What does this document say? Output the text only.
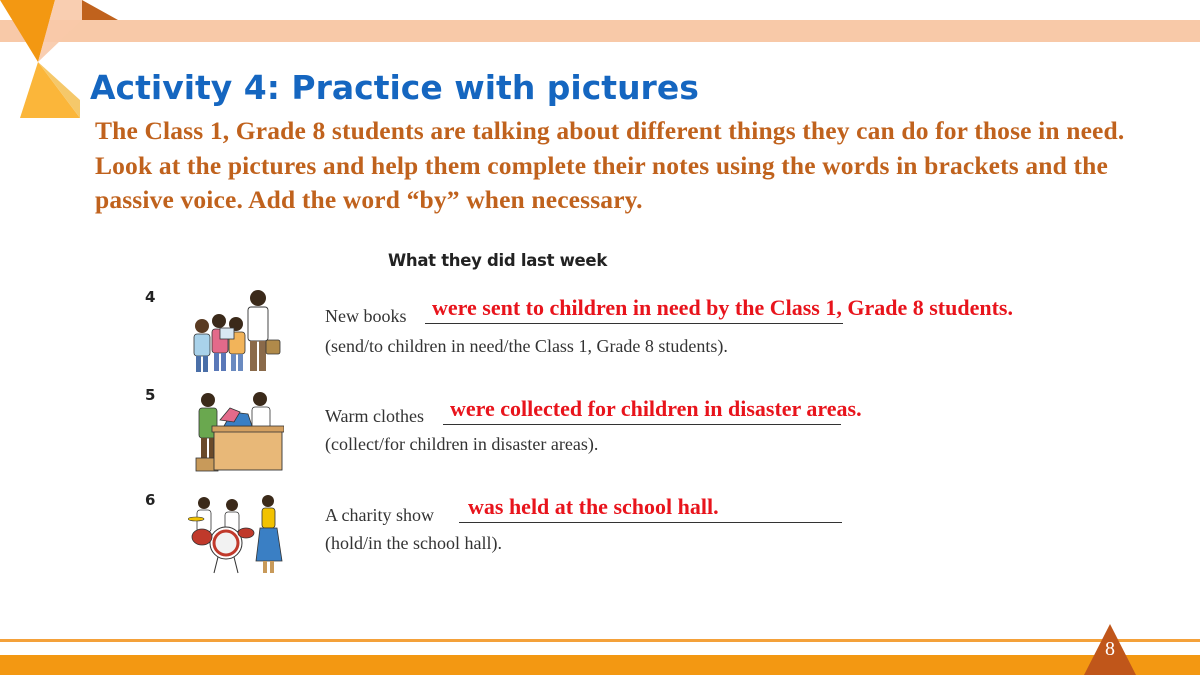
Activity 4: Practice with pictures
The Class 1, Grade 8 students are talking about different things they can do for those in need. Look at the pictures and help them complete their notes using the words in brackets and the passive voice. Add the word “by” when necessary.
What they did last week
4
New books were sent to children in need by the Class 1, Grade 8 students.
(send/to children in need/the Class 1, Grade 8 students).
5
Warm clothes were collected for children in disaster areas.
(collect/for children in disaster areas).
6
A charity show was held at the school hall.
(hold/in the school hall).
8
